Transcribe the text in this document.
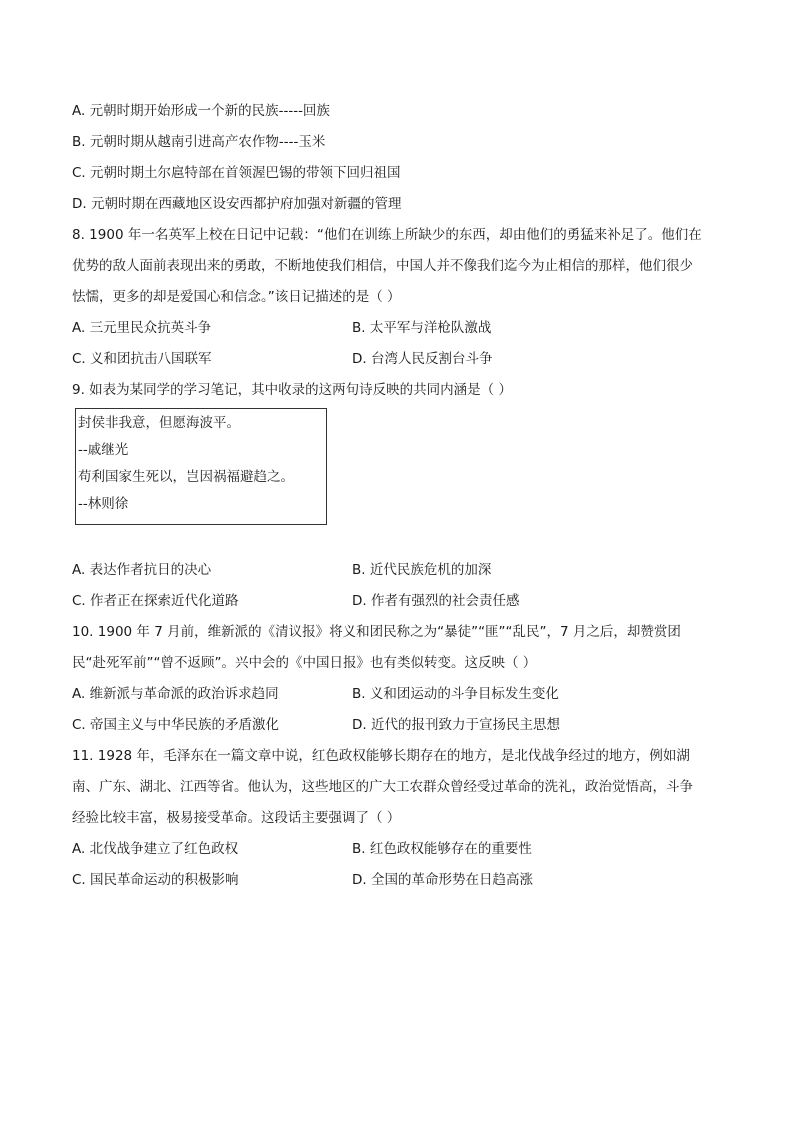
A. 元朝时期开始形成一个新的民族-----回族
B. 元朝时期从越南引进高产农作物----玉米
C. 元朝时期土尔扈特部在首领渥巴锡的带领下回归祖国
D. 元朝时期在西藏地区设安西都护府加强对新疆的管理
8. 1900 年一名英军上校在日记中记载：“他们在训练上所缺少的东西，却由他们的勇猛来补足了。他们在
优势的敌人面前表现出来的勇敢，不断地使我们相信，中国人并不像我们迄今为止相信的那样，他们很少
怯懦，更多的却是爱国心和信念。”该日记描述的是（ ）
A. 三元里民众抗英斗争	B. 太平军与洋枪队激战
C. 义和团抗击八国联军	D. 台湾人民反割台斗争
9. 如表为某同学的学习笔记，其中收录的这两句诗反映的共同内涵是（ ）
封侯非我意，但愿海波平。
--戚继光
苟利国家生死以，岂因祸福避趋之。
--林则徐
A. 表达作者抗日的决心	B. 近代民族危机的加深
C. 作者正在探索近代化道路	D. 作者有强烈的社会责任感
10. 1900 年 7 月前，维新派的《清议报》将义和团民称之为“暴徒”“匪”“乱民”，7 月之后，却赞赏团
民“赴死军前”“曾不返顾”。兴中会的《中国日报》也有类似转变。这反映（ ）
A. 维新派与革命派的政治诉求趋同	B. 义和团运动的斗争目标发生变化
C. 帝国主义与中华民族的矛盾激化	D. 近代的报刊致力于宣扬民主思想
11. 1928 年，毛泽东在一篇文章中说，红色政权能够长期存在的地方，是北伐战争经过的地方，例如湖
南、广东、湖北、江西等省。他认为，这些地区的广大工农群众曾经受过革命的洗礼，政治觉悟高，斗争
经验比较丰富，极易接受革命。这段话主要强调了（ ）
A. 北伐战争建立了红色政权	B. 红色政权能够存在的重要性
C. 国民革命运动的积极影响	D. 全国的革命形势在日趋高涨
